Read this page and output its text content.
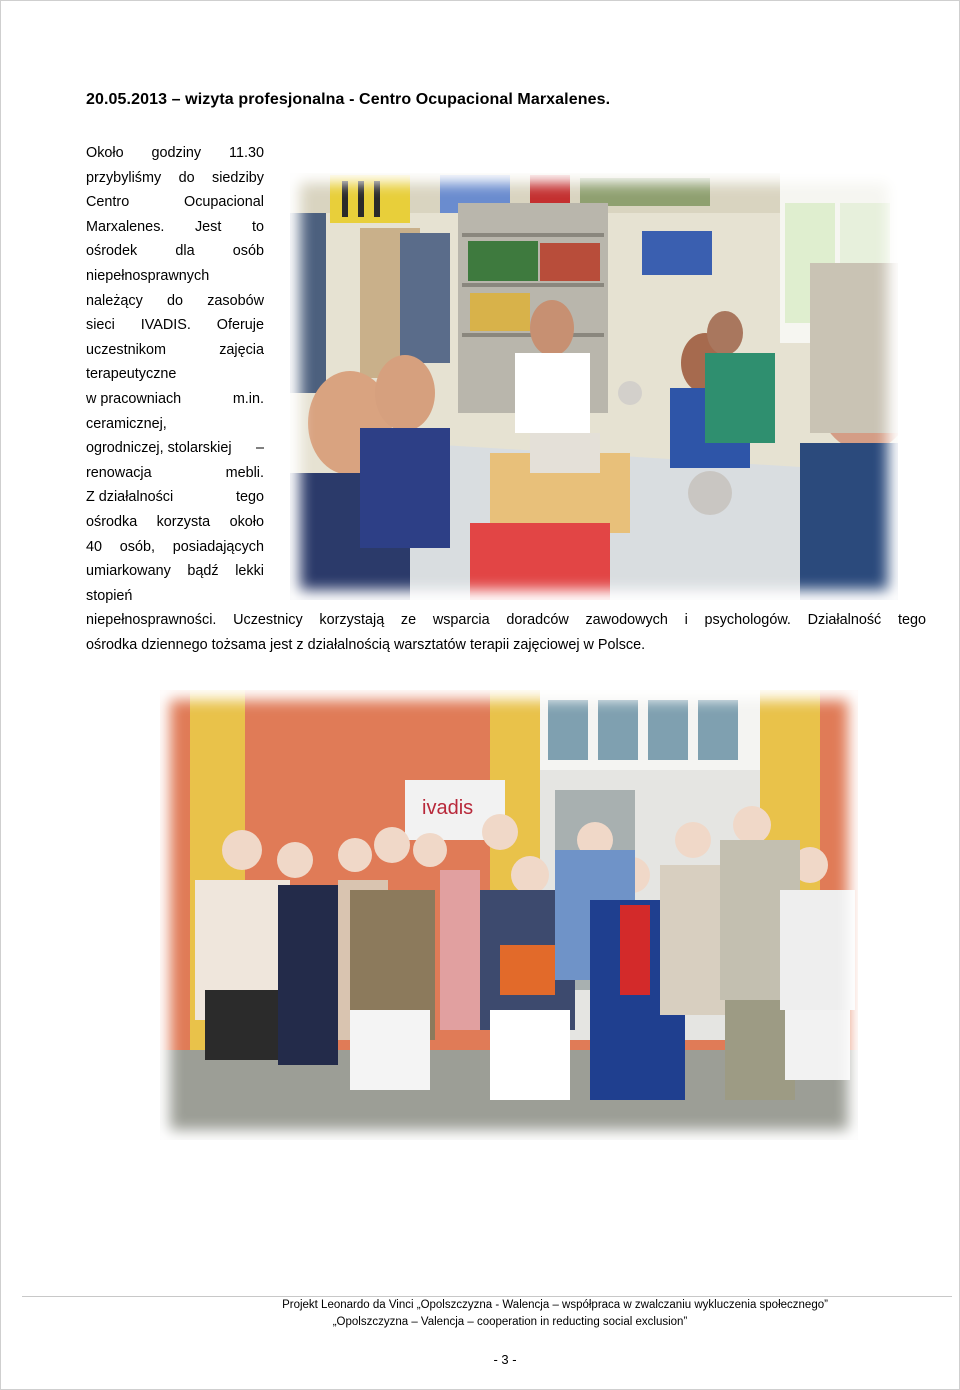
20.05.2013 – wizyta profesjonalna - Centro Ocupacional Marxalenes.
Około godziny 11.30
przybyliśmy do siedziby
Centro	Ocupacional
Marxalenes. Jest to
ośrodek	dla	osób
niepełnosprawnych
należący do zasobów
sieci IVADIS. Oferuje
uczestnikom	zajęcia
terapeutyczne
w pracowniach	m.in.
ceramicznej,
ogrodniczej, stolarskiej –
renowacja	mebli.
Z działalności	tego
ośrodka korzysta około
40 osób, posiadających
umiarkowany bądź lekki
stopień
niepełnosprawności. Uczestnicy korzystają ze wsparcia doradców zawodowych i psychologów. Działalność tego
ośrodka dziennego tożsama jest z działalnością warsztatów terapii zajęciowej w Polsce.
ivadis
Projekt Leonardo da Vinci „Opolszczyzna - Walencja – współpraca w zwalczaniu wykluczenia społecznego”
„Opolszczyzna – Valencja – cooperation in reducting social exclusion”
- 3 -
